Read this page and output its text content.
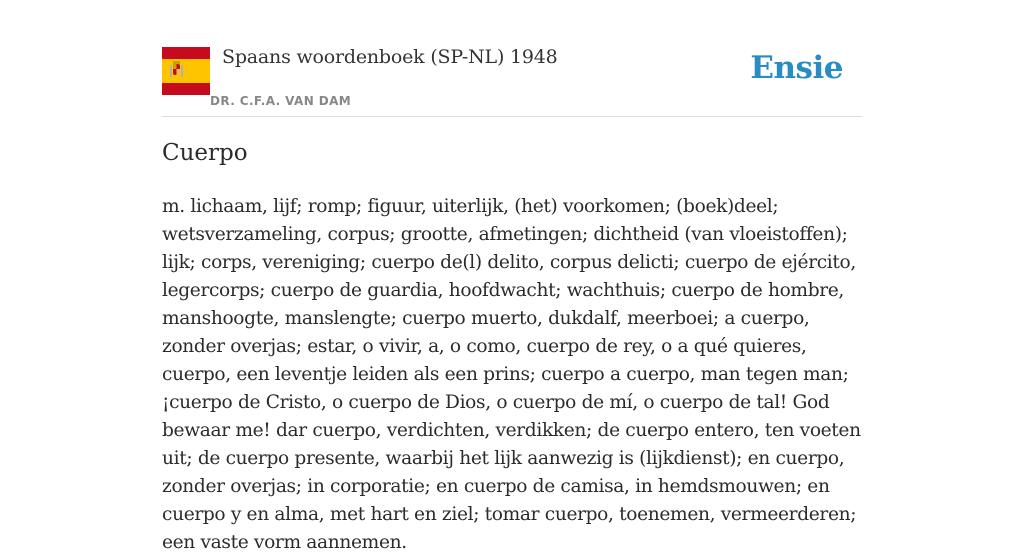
Spaans woordenboek (SP-NL) 1948
DR. C.F.A. VAN DAM
Ensie
Cuerpo

m. lichaam, lijf; romp; figuur, uiterlijk, (het) voorkomen; (boek)deel; wetsverzameling, corpus; grootte, afmetingen; dichtheid (van vloeistoffen); lijk; corps, vereniging; cuerpo de(l) delito, corpus delicti; cuerpo de ejército, legercorps; cuerpo de guardia, hoofdwacht; wachthuis; cuerpo de hombre, manshoogte, manslengte; cuerpo muerto, dukdalf, meerboei; a cuerpo, zonder overjas; estar, o vivir, a, o como, cuerpo de rey, o a qué quieres, cuerpo, een leventje leiden als een prins; cuerpo a cuerpo, man tegen man; ¡cuerpo de Cristo, o cuerpo de Dios, o cuerpo de mí, o cuerpo de tal! God bewaar me! dar cuerpo, verdichten, verdikken; de cuerpo entero, ten voeten uit; de cuerpo presente, waarbij het lijk aanwezig is (lijkdienst); en cuerpo, zonder overjas; in corporatie; en cuerpo de camisa, in hemdsmouwen; en cuerpo y en alma, met hart en ziel; tomar cuerpo, toenemen, vermeerderen; een vaste vorm aannemen.
